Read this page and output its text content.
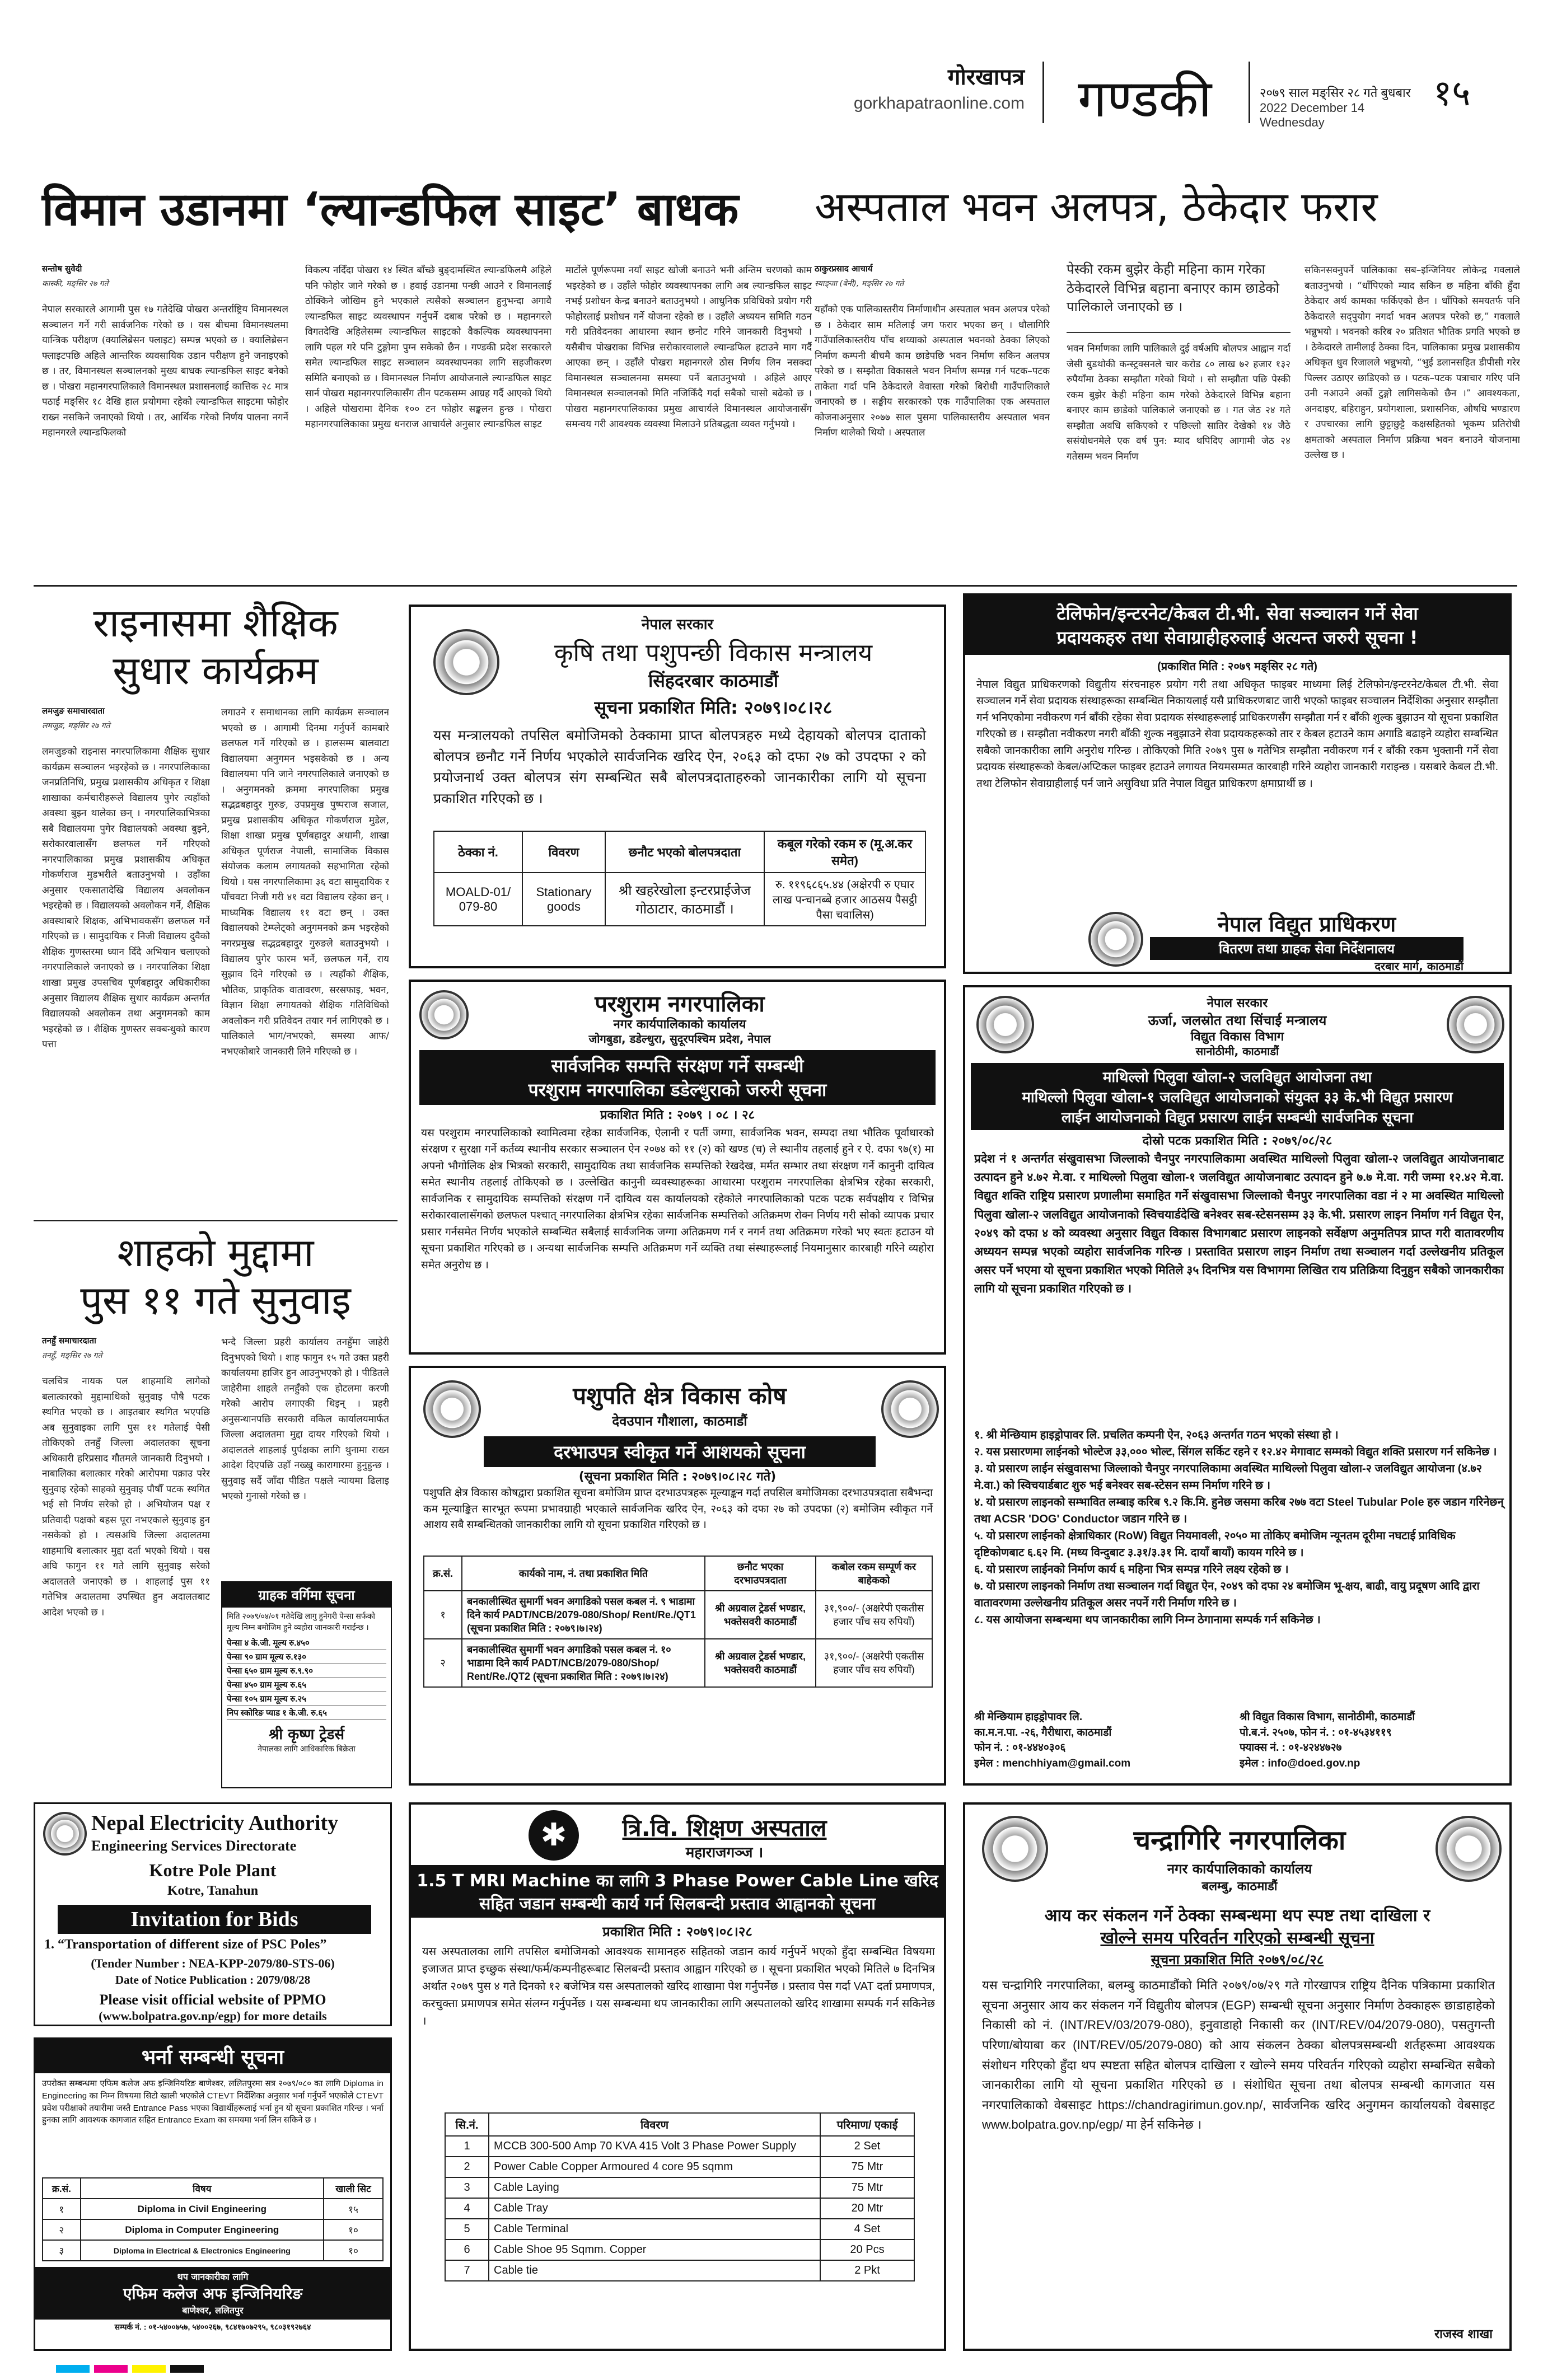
गोरखापत्र
gorkhapatraonline.com गण्डकी	२०७९ साल मङ्सिर २८ गते बुधबार
2022 December 14 Wednesday
१५
विमान उडानमा ‘ल्यान्डफिल साइट’ बाधक
सन्तोष सुवेदी
कास्की, मङ्सिर २७ गते
नेपाल सरकारले आगामी पुस १७ गतेदेखि पोखरा अन्तर्राष्ट्रिय विमानस्थल सञ्चालन गर्ने गरी सार्वजनिक गरेको छ । यस बीचमा विमानस्थलमा यान्त्रिक परीक्षण (क्यालिब्रेसन फ्लाइट) सम्पन्न भएको छ । क्यालिब्रेसन फ्लाइटपछि अहिले आन्तरिक व्यवसायिक उडान परीक्षण हुने जनाइएको छ । तर, विमानस्थल सञ्चालनको मुख्य बाधक ल्यान्डफिल साइट बनेको छ । पोखरा महानगरपालिकाले विमानस्थल प्रशासनलाई कात्तिक २८ मात्र पठाई मङ्सिर १८ देखि हाल प्रयोगमा रहेको ल्यान्डफिल साइटमा फोहोर राख्न नसकिने जनाएको थियो । तर, आर्थिक गरेको निर्णय पालना नगर्ने महानगरले ल्यान्डफिलको
विकल्प नदिँदा पोखरा १४ स्थित बाँच्छे बुङ्दामस्थित ल्यान्डफिलमै अहिले पनि फोहोर जाने गरेको छ । हवाई उडानमा पन्छी आउने र विमानलाई ठोक्किने जोखिम हुने भएकाले त्यसैको सञ्चालन हुनुभन्दा अगावै ल्यान्डफिल साइट व्यवस्थापन गर्नुपर्ने दबाब परेको छ । महानगरले विगतदेखि अहिलेसम्म ल्यान्डफिल साइटको वैकल्पिक व्यवस्थापनमा लागि पहल गरे पनि टुङ्गोमा पुग्न सकेको छैन । गण्डकी प्रदेश सरकारले समेत ल्यान्डफिल साइट सञ्चालन व्यवस्थापनका लागि सहजीकरण समिति बनाएको छ । विमानस्थल निर्माण आयोजनाले ल्यान्डफिल साइट सार्न पोखरा महानगरपालिकासँग तीन पटकसम्म आग्रह गर्दै आएको थियो । अहिले पोखरामा दैनिक १०० टन फोहोर सङ्कलन हुन्छ । पोखरा महानगरपालिकाका प्रमुख धनराज आचार्यले अनुसार ल्यान्डफिल साइट
मार्टोले पूर्णरूपमा नयाँ साइट खोजी बनाउने भनी अन्तिम चरणको काम भइरहेको छ । उहाँले फोहोर व्यवस्थापनका लागि अब ल्यान्डफिल साइट नभई प्रशोधन केन्द्र बनाउने बताउनुभयो । आधुनिक प्रविधिको प्रयोग गरी फोहोरलाई प्रशोधन गर्ने योजना रहेको छ । उहाँले अध्ययन समिति गठन गरी प्रतिवेदनका आधारमा स्थान छनोट गरिने जानकारी दिनुभयो । यसैबीच पोखराका विभिन्न सरोकारवालाले ल्यान्डफिल हटाउने माग गर्दै आएका छन् । उहाँले पोखरा महानगरले ठोस निर्णय लिन नसक्दा विमानस्थल सञ्चालनमा समस्या पर्ने बताउनुभयो । अहिले आएर विमानस्थल सञ्चालनको मिति नजिकिँदै गर्दा सबैको चासो बढेको छ । पोखरा महानगरपालिकाका प्रमुख आचार्यले विमानस्थल आयोजनासँग समन्वय गरी आवश्यक व्यवस्था मिलाउने प्रतिबद्धता व्यक्त गर्नुभयो ।
अस्पताल भवन अलपत्र, ठेकेदार फरार
ठाकुरप्रसाद आचार्य
स्याङ्जा (बेनी), मङ्सिर २७ गते
यहाँको एक पालिकास्तरीय निर्माणाधीन अस्पताल भवन अलपत्र परेको छ । ठेकेदार साम मतिलाई जग फरार भएका छन् । धौलागिरि गाउँपालिकास्तरीय पाँच शय्याको अस्पताल भवनको ठेक्का लिएको निर्माण कम्पनी बीचमै काम छाडेपछि भवन निर्माण सकिन अलपत्र परेको छ । सम्झौता विकासले भवन निर्माण सम्पन्न गर्न पटक–पटक ताकेता गर्दा पनि ठेकेदारले वेवास्ता गरेको बिरोधी गाउँपालिकाले जनाएको छ । सङ्घीय सरकारको एक गाउँपालिका एक अस्पताल कोजनाअनुसार २०७७ साल पुसमा पालिकास्तरीय अस्पताल भवन निर्माण थालेको थियो । अस्पताल
पेस्की रकम बुझेर केही महिना काम गरेका ठेकेदारले विभिन्न बहाना बनाएर काम छाडेको पालिकाले जनाएको छ ।
भवन निर्माणका लागि पालिकाले दुई वर्षअघि बोलपत्र आह्वान गर्दा जेसी बुडथोकी कन्स्ट्रक्सनले चार करोड ८० लाख ७२ हजार १३२ रुपैयाँमा ठेक्का सम्झौता गरेको थियो । सो सम्झौता पछि पेस्की रकम बुझेर केही महिना काम गरेको ठेकेदारले विभिन्न बहाना बनाएर काम छाडेको पालिकाले जनाएको छ । गत जेठ २४ गते सम्झौता अवधि सकिएको र पछिल्लो सातिर देखेको १४ जैठे ससंयोधनमेले एक वर्ष पुन: म्याद थपिदिए आगामी जेठ २४ गतेसम्म भवन निर्माण
सकिनसक्नुपर्ने पालिकाका सब–इन्जिनियर लोकेन्द्र गवलाले बताउनुभयो । “धाँपिएको म्याद सकिन छ महिना बाँकी हुँदा ठेकेदार अर्थ कामका फर्किएको छैन । धाँपिको समयतर्फ पनि ठेकेदारले सद्पुयोग नगर्दा भवन अलपत्र परेको छ,” गवलाले भन्नुभयो । भवनको करिब २० प्रतिशत भौतिक प्रगति भएको छ । ठेकेदारले तामीलाई ठेक्का दिन, पालिकाका प्रमुख प्रशासकीय अधिकृत धुव रिजालले भन्नुभयो, “भुई डलानसहित डीपीसी गरेर पिल्लर उठाएर छाडिएको छ । पटक–पटक पत्राचार गरिए पनि उनी नआउने अर्को टुङ्गो लागिसकेको छैन ।” आवश्यकता, अनदाइए, बहिराहुन, प्रयोगशाला, प्रशासनिक, औषधि भण्डारण र उपचारका लागि छुट्टाछुट्टै कक्षसहितको भूकम्प प्रतिरोधी क्षमताको अस्पताल निर्माण प्रक्रिया भवन बनाउने योजनामा उल्लेख छ ।
राइनासमा शैक्षिक
सुधार कार्यक्रम
लमजुङ समाचारदाता
लमजुङ, मङ्सिर २७ गते
लमजुङको राइनास नगरपालिकामा शैक्षिक सुधार कार्यक्रम सञ्चालन भइरहेको छ । नगरपालिकाका जनप्रतिनिधि, प्रमुख प्रशासकीय अधिकृत र शिक्षा शाखाका कर्मचारीहरूले विद्यालय पुगेर त्यहाँको अवस्था बुझ्न थालेका छन् । नगरपालिकाभित्रका सबै विद्यालयमा पुगेर विद्यालयको अवस्था बुझ्ने, सरोकारवालासँग छलफल गर्ने गरिएको नगरपालिकाका प्रमुख प्रशासकीय अधिकृत गोकर्णराज मुडभरीले बताउनुभयो । उहाँका अनुसार एकसातादेखि विद्यालय अवलोकन भइरहेको छ । विद्यालयको अवलोकन गर्ने, शैक्षिक अवस्थाबारे शिक्षक, अभिभावकसँग छलफल गर्ने गरिएको छ । सामुदायिक र निजी विद्यालय दुवैको शैक्षिक गुणस्तरमा ध्यान दिँदै अभियान चलाएको नगरपालिकाले जनाएको छ । नगरपालिका शिक्षा शाखा प्रमुख उपसचिव पूर्णबहादुर अधिकारीका अनुसार विद्यालय शैक्षिक सुधार कार्यक्रम अन्तर्गत विद्यालयको अवलोकन तथा अनुगमनको काम भइरहेको छ । शैक्षिक गुणस्तर सक्बन्धुको कारण पत्ता
लगाउने र समाधानका लागि कार्यक्रम सञ्चालन भएको छ । आगामी दिनमा गर्नुपर्ने कामबारे छलफल गर्ने गरिएको छ । हालसम्म बालवाटा विद्यालयमा अनुगमन भइसकेको छ । अन्य विद्यालयमा पनि जाने नगरपालिकाले जनाएको छ । अनुगमनको क्रममा नगरपालिका प्रमुख सद्भद्रबहादुर गुरुङ, उपप्रमुख पुष्पराज सजाल, प्रमुख प्रशासकीय अधिकृत गोकर्णराज मुडेल, शिक्षा शाखा प्रमुख पूर्णबहादुर अधामी, शाखा अधिकृत पूर्णराज नेपाली, सामाजिक विकास संयोजक कलाम लगायतको सहभागिता रहेको थियो । यस नगरपालिकामा ३६ वटा सामुदायिक र पाँचवटा निजी गरी ४१ वटा विद्यालय रहेका छन् । माध्यमिक विद्यालय ११ वटा छन् । उक्त विद्यालयको टेम्प्लेट्को अनुगमनको क्रम भइरहेको नगरप्रमुख सद्भद्रबहादुर गुरुङले बताउनुभयो । विद्यालय पुगेर फारम भर्ने, छलफल गर्ने, राय सुझाव दिने गरिएको छ । त्यहाँको शैक्षिक, भौतिक, प्राकृतिक वातावरण, सरसफाइ, भवन, विज्ञान शिक्षा लगायतको शैक्षिक गतिविधिको अवलोकन गरी प्रतिवेदन तयार गर्न लागिएको छ । पालिकाले भाग/नभएको, समस्या आफ/नभएकोबारे जानकारी लिने गरिएको छ ।
शाहको मुद्दामा
पुस ११ गते सुनुवाइ
तनहुँ समाचारदाता
तनहुँ, मङ्सिर २७ गते
चलचित्र नायक पल शाहमाथि लागेको बलात्कारको मुद्दामाथिको सुनुवाइ पौषै पटक स्थगित भएको छ । आइतबार स्थगित भएपछि अब सुनुवाइका लागि पुस ११ गतेलाई पेसी तोकिएको तनहुँ जिल्ला अदालतका सूचना अधिकारी हरिप्रसाद गौतमले जानकारी दिनुभयो । नाबालिका बलात्कार गरेको आरोपमा पक्राउ परेर सुनुवाइ रहेको साहको सुनुवाइ पौषौँ पटक स्थगित भई सो निर्णय सरेको हो । अभियोजन पक्ष र प्रतिवादी पक्षको बहस पूरा नभएकाले सुनुवाइ हुन नसकेको हो । त्यसअघि जिल्ला अदालतमा शाहमाथि बलात्कार मुद्दा दर्ता भएको थियो । यस अघि फागुन ११ गते लागि सुनुवाइ सरेको अदालतले जनाएको छ । शाहलाई पुस ११ गतेभित्र अदालतमा उपस्थित हुन अदालतबाट आदेश भएको छ ।
भन्दै जिल्ला प्रहरी कार्यालय तनहुँमा जाहेरी दिनुभएको थियो । शाह फागुन १५ गते उक्त प्रहरी कार्यालयमा हाजिर हुन आउनुभएको हो । पीडितले जाहेरीमा शाहले तनहुँको एक होटलमा करणी गरेको आरोप लगाएकी थिइन् । प्रहरी अनुसन्धानपछि सरकारी वकिल कार्यालयमार्फत जिल्ला अदालतमा मुद्दा दायर गरिएको थियो । अदालतले शाहलाई पुर्पक्षका लागि थुनामा राख्न आदेश दिएपछि उहाँ नख्खु कारागारमा हुनुहुन्छ । सुनुवाइ सर्दै जाँदा पीडित पक्षले न्यायमा ढिलाइ भएको गुनासो गरेको छ ।
ग्राहक वर्गिमा सूचना
मिति २०७९/०४/०१ गतेदेखि लागु हुनेगरी पेन्सा सर्फको मूल्य निम्न बमोजिम हुने व्यहोरा जानकारी गराईन्छ ।
पेन्सा ४ के.जी. मूल्य रु.४५०
पेन्सा ९० ग्राम मूल्य रु.१३०
पेन्सा ६५० ग्राम मूल्य रु.९.९०
पेन्सा ४५० ग्राम मूल्य रु.६५
पेन्सा १०५ ग्राम मूल्य रु.२५
निप स्कोरिङ प्याड १ के.जी. रु.६५
श्री कृष्ण ट्रेडर्स
नेपालका लागि आधिकारिक बिक्रेता
Nepal Electricity Authority
Engineering Services Directorate
Kotre Pole Plant
Kotre, Tanahun
Invitation for Bids
1. “Transportation of different size of PSC Poles”
(Tender Number : NEA-KPP-2079/80-STS-06)
Date of Notice Publication : 2079/08/28
Please visit official website of PPMO
(www.bolpatra.gov.np/egp) for more details
भर्ना सम्बन्धी सूचना
उपरोक्त सम्बन्धमा एफिम कलेज अफ इन्जिनियरिङ बाणेश्वर, ललितपुरमा सत्र २०७९/०८० का लागि Diploma in Engineering का निम्न विषयमा सिटो खाली भएकोले CTEVT निर्देशिका अनुसार भर्ना गर्नुपर्ने भएकोले CTEVT प्रवेश परीक्षाको तयारीमा जस्तै Entrance Pass भएका विद्यार्थीहरूलाई भर्ना हुन यो सूचना प्रकाशित गरिन्छ । भर्ना हुनका लागि आवश्यक कागजात सहित Entrance Exam का समयमा भर्ना लिन सकिने छ ।
क्र.सं.	विषय	खाली सिट
१	Diploma in Civil Engineering	१५
२	Diploma in Computer Engineering	१०
३	Diploma in Electrical & Electronics Engineering	१०
थप जानकारीका लागि
एफिम कलेज अफ इन्जिनियरिङ
बाणेश्वर, ललितपुर
सम्पर्क नं. : ०१-५४००७५७, ५४००२६७, ९८४१७०७२९५, ९८०३१९२७६४
नेपाल सरकार
कृषि तथा पशुपन्छी विकास मन्त्रालय
सिंहदरबार काठमाडौं
सूचना प्रकाशित मिति: २०७९।०८।२८
यस मन्त्रालयको तपसिल बमोजिमको ठेक्कामा प्राप्त बोलपत्रहरु मध्ये देहायको बोलपत्र दाताको बोलपत्र छनौट गर्ने निर्णय भएकोले सार्वजनिक खरिद ऐन, २०६३ को दफा २७ को उपदफा २ को प्रयोजनार्थ उक्त बोलपत्र संग सम्बन्धित सबै बोलपत्रदाताहरुको जानकारीका लागि यो सूचना प्रकाशित गरिएको छ ।
ठेक्का नं.	विवरण	छनौट भएको बोलपत्रदाता	कबूल गरेको रकम रु (मू.अ.कर समेत)
MOALD-01/ 079-80	Stationary goods	श्री खहरेखोला इन्टरप्राईजेज गोठाटार, काठमाडौं ।	रु. ११९६८६५.४४ (अक्षेरपी रु एघार लाख पन्चानब्बे हजार आठसय पैसट्ठी पैसा चवालिस)
टेलिफोन/इन्टरनेट/केबल टी.भी. सेवा सञ्चालन गर्ने सेवा
प्रदायकहरु तथा सेवाग्राहीहरुलाई अत्यन्त जरुरी सूचना !
(प्रकाशित मिति : २०७९ मङ्सिर २८ गते)
नेपाल विद्युत प्राधिकरणको विद्युतीय संरचनाहरु प्रयोग गरी तथा अधिकृत फाइबर माध्यमा लिई टेलिफोन/इन्टरनेट/केबल टी.भी. सेवा सञ्चालन गर्ने सेवा प्रदायक संस्थाहरूका सम्बन्धित निकायलाई यसै प्राधिकरणबाट जारी भएको फाइबर सञ्चालन निर्देशिका अनुसार सम्झौता गर्न भनिएकोमा नवीकरण गर्न बाँकी रहेका सेवा प्रदायक संस्थाहरूलाई प्राधिकरणसँग सम्झौता गर्न र बाँकी शुल्क बुझाउन यो सूचना प्रकाशित गरिएको छ । सम्झौता नवीकरण नगरी बाँकी शुल्क नबुझाउने सेवा प्रदायकहरूको तार र केबल हटाउने काम अगाडि बढाइने व्यहोरा सम्बन्धित सबैको जानकारीका लागि अनुरोध गरिन्छ । तोकिएको मिति २०७९ पुस ७ गतेभित्र सम्झौता नवीकरण गर्न र बाँकी रकम भुक्तानी गर्ने सेवा प्रदायक संस्थाहरूको केबल/अप्टिकल फाइबर हटाउने लगायत नियमसम्मत कारबाही गरिने व्यहोरा जानकारी गराइन्छ । यसबारे केबल टी.भी. तथा टेलिफोन सेवाग्राहीलाई पर्न जाने असुविधा प्रति नेपाल विद्युत प्राधिकरण क्षमाप्रार्थी छ ।
नेपाल विद्युत प्राधिकरण
वितरण तथा ग्राहक सेवा निर्देशनालय
दरबार मार्ग, काठमाडौं
परशुराम नगरपालिका
नगर कार्यपालिकाको कार्यालय
जोगबुडा, डडेल्धुरा, सुदूरपश्चिम प्रदेश, नेपाल
सार्वजनिक सम्पत्ति संरक्षण गर्ने सम्बन्धी
परशुराम नगरपालिका डडेल्धुराको जरुरी सूचना
प्रकाशित मिति : २०७९ । ०८ । २८
यस परशुराम नगरपालिकाको स्वामित्वमा रहेका सार्वजनिक, ऐलानी र पर्ती जग्गा, सार्वजनिक भवन, सम्पदा तथा भौतिक पूर्वाधारको संरक्षण र सुरक्षा गर्ने कर्तव्य स्थानीय सरकार सञ्चालन ऐन २०७४ को ११ (२) को खण्ड (च) ले स्थानीय तहलाई हुने र ऐ. दफा ९७(१) मा अपनो भौगोलिक क्षेत्र भित्रको सरकारी, सामुदायिक तथा सार्वजनिक सम्पत्तिको रेखदेख, मर्मत सम्भार तथा संरक्षण गर्ने कानुनी दायित्व समेत स्थानीय तहलाई तोकिएको छ । उल्लेखित कानुनी व्यवस्थाहरूका आधारमा परशुराम नगरपालिका क्षेत्रभित्र रहेका सरकारी, सार्वजनिक र सामुदायिक सम्पत्तिको संरक्षण गर्ने दायित्व यस कार्यालयको रहेकोले नगरपालिकाको पटक पटक सर्वपक्षीय र विभिन्न सरोकारवालासँगको छलफल पश्चात् नगरपालिका क्षेत्रभित्र रहेका सार्वजनिक सम्पत्तिको अतिक्रमण रोक्न निर्णय गरी सोको व्यापक प्रचार प्रसार गर्नसमेत निर्णय भएकोले सम्बन्धित सबैलाई सार्वजनिक जग्गा अतिक्रमण गर्न र नगर्न तथा अतिक्रमण गरेको भए स्वतः हटाउन यो सूचना प्रकाशित गरिएको छ । अन्यथा सार्वजनिक सम्पत्ति अतिक्रमण गर्ने व्यक्ति तथा संस्थाहरूलाई नियमानुसार कारबाही गरिने व्यहोरा समेत अनुरोध छ ।
पशुपति क्षेत्र विकास कोष
देवउपान गौशाला, काठमाडौं
दरभाउपत्र स्वीकृत गर्ने आशयको सूचना
(सूचना प्रकाशित मिति : २०७९।०८।२८ गते)
पशुपति क्षेत्र विकास कोषद्वारा प्रकाशित सूचना बमोजिम प्राप्त दरभाउपत्रहरू मूल्याङ्कन गर्दा तपसिल बमोजिमका दरभाउपत्रदाता सबैभन्दा कम मूल्याङ्कित सारभूत रूपमा प्रभावग्राही भएकाले सार्वजनिक खरिद ऐन, २०६३ को दफा २७ को उपदफा (२) बमोजिम स्वीकृत गर्ने आशय सबै सम्बन्धितको जानकारीका लागि यो सूचना प्रकाशित गरिएको छ ।
क्र.सं.	कार्यको नाम, नं. तथा प्रकाशित मिति	छनौट भएका दरभाउपत्रदाता	कबोल रकम सम्पूर्ण कर बाहेकको
१	बनकालीस्थित सुमार्गी भवन अगाडिको पसल कबल नं. ९ भाडामा दिने कार्य PADT/NCB/2079-080/Shop/ Rent/Re./QT1 (सूचना प्रकाशित मिति : २०७९।७।२४)	श्री अग्रवाल ट्रेडर्स भण्डार, भक्तेसवरी काठमाडौं	३१,९००/- (अक्षरेपी एकतीस हजार पाँच सय रुपियाँ)
२	बनकालीस्थित सुमार्गी भवन अगाडिको पसल कबल नं. १० भाडामा दिने कार्य PADT/NCB/2079-080/Shop/ Rent/Re./QT2 (सूचना प्रकाशित मिति : २०७९।७।२४)	श्री अग्रवाल ट्रेडर्स भण्डार, भक्तेसवरी काठमाडौं	३१,९००/- (अक्षरेपी एकतीस हजार पाँच सय रुपियाँ)
नेपाल सरकार
ऊर्जा, जलस्रोत तथा सिंचाई मन्त्रालय
विद्युत विकास विभाग
सानोठीमी, काठमाडौं
माथिल्लो पिलुवा खोला-२ जलविद्युत आयोजना तथा
माथिल्लो पिलुवा खोला-१ जलविद्युत आयोजनाको संयुक्त ३३ के.भी विद्युत प्रसारण
लाईन आयोजनाको विद्युत प्रसारण लाईन सम्बन्धी सार्वजनिक सूचना
दोस्रो पटक प्रकाशित मिति : २०७९/०८/२८
प्रदेश नं १ अन्तर्गत संखुवासभा जिल्लाको चैनपुर नगरपालिकामा अवस्थित माथिल्लो पिलुवा खोला-२ जलविद्युत आयोजनाबाट उत्पादन हुने ४.७२ मे.वा. र माथिल्लो पिलुवा खोला-१ जलविद्युत आयोजनाबाट उत्पादन हुने ७.७ मे.वा. गरी जम्मा १२.४२ मे.वा. विद्युत शक्ति राष्ट्रिय प्रसारण प्रणालीमा समाहित गर्ने संखुवासभा जिल्लाको चैनपुर नगरपालिका वडा नं २ मा अवस्थित माथिल्लो पिलुवा खोला-२ जलविद्युत आयोजनाको स्विचयार्डदेखि बनेश्वर सब-स्टेसनसम्म ३३ के.भी. प्रसारण लाइन निर्माण गर्न विद्युत ऐन, २०४९ को दफा ४ को व्यवस्था अनुसार विद्युत विकास विभागबाट प्रसारण लाइनको सर्वेक्षण अनुमतिपत्र प्राप्त गरी वातावरणीय अध्ययन सम्पन्न भएको व्यहोरा सार्वजनिक गरिन्छ । प्रस्तावित प्रसारण लाइन निर्माण तथा सञ्चालन गर्दा उल्लेखनीय प्रतिकूल असर पर्ने भएमा यो सूचना प्रकाशित भएको मितिले ३५ दिनभित्र यस विभागमा लिखित राय प्रतिक्रिया दिनुहुन सबैको जानकारीका लागि यो सूचना प्रकाशित गरिएको छ ।
१. श्री मेन्छियाम हाइड्रोपावर लि. प्रचलित कम्पनी ऐन, २०६३ अन्तर्गत गठन भएको संस्था हो ।
२. यस प्रसारणमा लाईनको भोल्टेज ३३,००० भोल्ट, सिंगल सर्किट रहने र १२.४२ मेगावाट सम्मको विद्युत शक्ति प्रसारण गर्न सकिनेछ ।
३. यो प्रसारण लाईन संखुवासभा जिल्लाको चैनपुर नगरपालिकामा अवस्थित माथिल्लो पिलुवा खोला-२ जलविद्युत आयोजना (४.७२ मे.वा.) को स्विचयार्डबाट शुरु भई बनेश्वर सब-स्टेसन सम्म निर्माण गरिने छ ।
४. यो प्रसारण लाइनको सम्भावित लम्बाइ करिब ९.२ कि.मि. हुनेछ जसमा करिब २७७ वटा Steel Tubular Pole हरु जडान गरिनेछन् तथा ACSR 'DOG' Conductor जडान गरिने छ ।
५. यो प्रसारण लाईनको क्षेत्राधिकार (RoW) विद्युत नियमावली, २०५० मा तोकिए बमोजिम न्यूनतम दूरीमा नघटाई प्राविधिक दृष्टिकोणबाट ६.६२ मि. (मध्य विन्दुबाट ३.३१/३.३१ मि. दायाँ बायाँ) कायम गरिने छ ।
६. यो प्रसारण लाईनको निर्माण कार्य ६ महिना भित्र सम्पन्न गरिने लक्ष्य रहेको छ ।
७. यो प्रसारण लाइनको निर्माण तथा सञ्चालन गर्दा विद्युत ऐन, २०४९ को दफा २४ बमोजिम भू-क्षय, बाढी, वायु प्रदूषण आदि द्वारा वातावरणमा उल्लेखनीय प्रतिकूल असर नपर्ने गरी निर्माण गरिने छ ।
८. यस आयोजना सम्बन्धमा थप जानकारीका लागि निम्न ठेगानामा सम्पर्क गर्न सकिनेछ ।
श्री मेन्छियाम हाइड्रोपावर लि.
का.म.न.पा. -२६, गैरीधारा, काठमाडौं
फोन नं. : ०१-४४४०३०६
इमेल : menchhiyam@gmail.com
श्री विद्युत विकास विभाग, सानोठीमी, काठमाडौं
पो.ब.नं. २५०७, फोन नं. : ०१-४५३४११९
फ्याक्स नं. : ०१-४२४४७२७
इमेल : info@doed.gov.np
✱	त्रि.वि. शिक्षण अस्पताल
महाराजगञ्ज ।
1.5 T MRI Machine का लागि 3 Phase Power Cable Line खरिद
सहित जडान सम्बन्धी कार्य गर्न सिलबन्दी प्रस्ताव आह्वानको सूचना
प्रकाशित मिति : २०७९।०८।२८
यस अस्पतालका लागि तपसिल बमोजिमको आवश्यक सामानहरु सहितको जडान कार्य गर्नुपर्ने भएको हुँदा सम्बन्धित विषयमा इजाजत प्राप्त इच्छुक संस्था/फर्म/कम्पनीहरूबाट सिलबन्दी प्रस्ताव आह्वान गरिएको छ । सूचना प्रकाशित भएको मितिले ७ दिनभित्र अर्थात २०७९ पुस ४ गते दिनको १२ बजेभित्र यस अस्पतालको खरिद शाखामा पेश गर्नुपर्नेछ । प्रस्ताव पेस गर्दा VAT दर्ता प्रमाणपत्र, करचुक्ता प्रमाणपत्र समेत संलग्न गर्नुपर्नेछ । यस सम्बन्धमा थप जानकारीका लागि अस्पतालको खरिद शाखामा सम्पर्क गर्न सकिनेछ ।
सि.नं.	विवरण	परिमाण/ एकाई
1	MCCB 300-500 Amp 70 KVA 415 Volt 3 Phase Power Supply	2 Set
2	Power Cable Copper Armoured 4 core 95 sqmm	75 Mtr
3	Cable Laying	75 Mtr
4	Cable Tray	20 Mtr
5	Cable Terminal	4 Set
6	Cable Shoe 95 Sqmm. Copper	20 Pcs
7	Cable tie	2 Pkt
चन्द्रागिरि नगरपालिका
नगर कार्यपालिकाको कार्यालय
बलम्बु, काठमाडौं
आय कर संकलन गर्ने ठेक्का सम्बन्धमा थप स्पष्ट तथा दाखिला र
खोल्ने समय परिवर्तन गरिएको सम्बन्धी सूचना
सूचना प्रकाशित मिति २०७९/०८/२८
यस चन्द्रागिरि नगरपालिका, बलम्बु काठमाडौंको मिति २०७९/०७/२९ गते गोरखापत्र राष्ट्रिय दैनिक पत्रिकामा प्रकाशित सूचना अनुसार आय कर संकलन गर्ने विद्युतीय बोलपत्र (EGP) सम्बन्धी सूचना अनुसार निर्माण ठेक्काहरू छाडाहाहेको निकासी को नं. (INT/REV/03/2079-080), इनुवाडाहो निकासी कर (INT/REV/04/2079-080), पसतुगन्ती परिणा/बोयाबा कर (INT/REV/05/2079-080) को आय संकलन ठेक्का बोलपत्रसम्बन्धी शर्तहरूमा आवश्यक संशोधन गरिएको हुँदा थप स्पष्टता सहित बोलपत्र दाखिला र खोल्ने समय परिवर्तन गरिएको व्यहोरा सम्बन्धित सबैको जानकारीका लागि यो सूचना प्रकाशित गरिएको छ । संशोधित सूचना तथा बोलपत्र सम्बन्धी कागजात यस नगरपालिकाको वेबसाइट https://chandragirimun.gov.np/, सार्वजनिक खरिद अनुगमन कार्यालयको वेबसाइट www.bolpatra.gov.np/egp/ मा हेर्न सकिनेछ ।
राजस्व शाखा
